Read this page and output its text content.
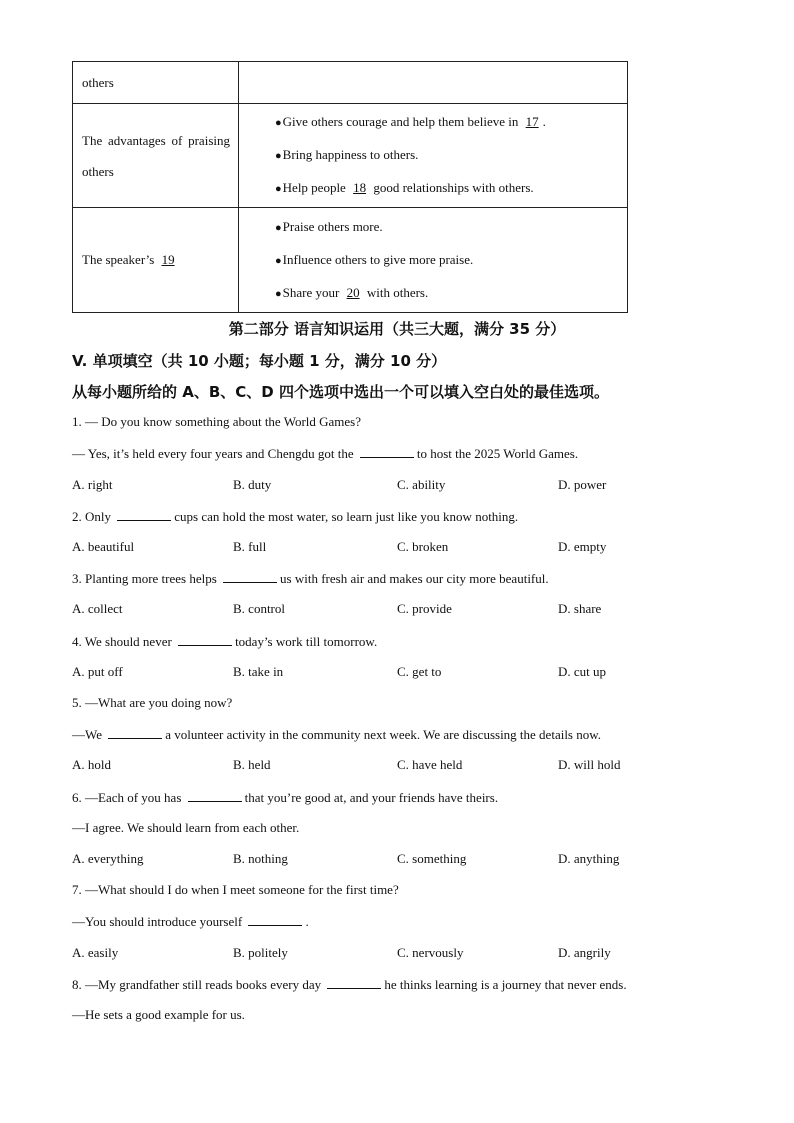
others	

The advantages of praising others	●Give others courage and help them believe in 17 .
●Bring happiness to others.
●Help people 18 good relationships with others.

The speaker’s 19	●Praise others more.
●Influence others to give more praise.
●Share your 20 with others.
第二部分 语言知识运用（共三大题，满分 35 分）
V. 单项填空（共 10 小题；每小题 1 分，满分 10 分）
从每小题所给的 A、B、C、D 四个选项中选出一个可以填入空白处的最佳选项。
1. — Do you know something about the World Games?
— Yes, it’s held every four years and Chengdu got the	to host the 2025 World Games.
A. right	B. duty	C. ability	D. power
2. Only	cups can hold the most water, so learn just like you know nothing.
A. beautiful	B. full	C. broken	D. empty
3. Planting more trees helps	us with fresh air and makes our city more beautiful.
A. collect	B. control	C. provide	D. share
4. We should never	today’s work till tomorrow.
A. put off	B. take in	C. get to	D. cut up
5. —What are you doing now?
—We	a volunteer activity in the community next week. We are discussing the details now.
A. hold	B. held	C. have held	D. will hold
6. —Each of you has	that you’re good at, and your friends have theirs.
—I agree. We should learn from each other.
A. everything	B. nothing	C. something	D. anything
7. —What should I do when I meet someone for the first time?
—You should introduce yourself	.
A. easily	B. politely	C. nervously	D. angrily
8. —My grandfather still reads books every day	he thinks learning is a journey that never ends.
—He sets a good example for us.
